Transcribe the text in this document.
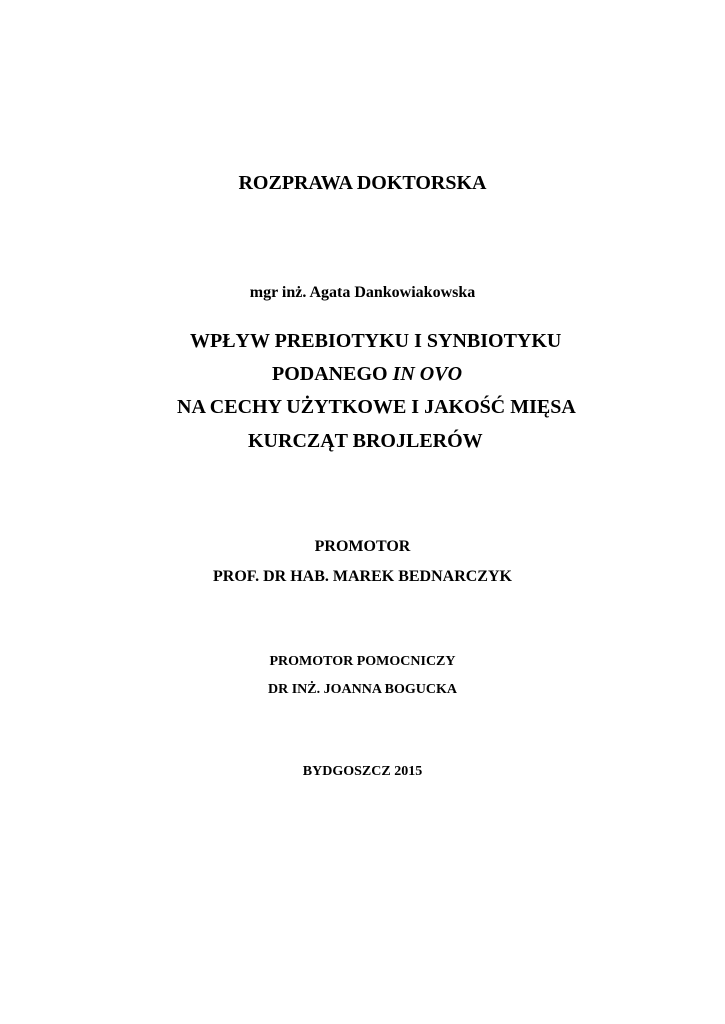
ROZPRAWA DOKTORSKA
mgr inż. Agata Dankowiakowska
WPŁYW PREBIOTYKU I SYNBIOTYKU
PODANEGO IN OVO
NA CECHY UŻYTKOWE I JAKOŚĆ MIĘSA
KURCZĄT BROJLERÓW
PROMOTOR
PROF. DR HAB. MAREK BEDNARCZYK
PROMOTOR POMOCNICZY
DR INŻ. JOANNA BOGUCKA
BYDGOSZCZ 2015
